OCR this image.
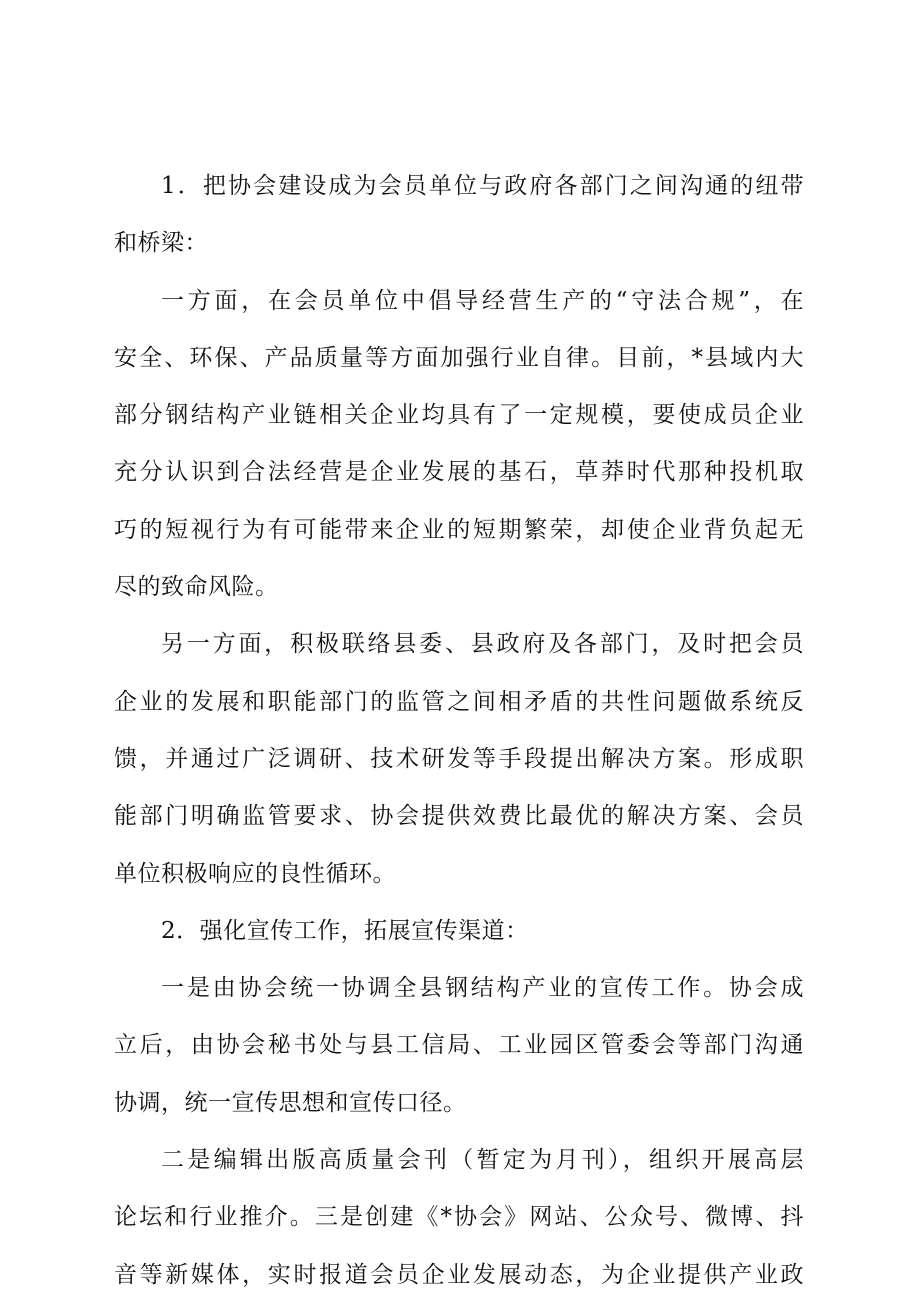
1．把协会建设成为会员单位与政府各部门之间沟通的纽带
和桥梁：
一方面，在会员单位中倡导经营生产的“守法合规”，在
安全、环保、产品质量等方面加强行业自律。目前，*县域内大
部分钢结构产业链相关企业均具有了一定规模，要使成员企业
充分认识到合法经营是企业发展的基石，草莽时代那种投机取
巧的短视行为有可能带来企业的短期繁荣，却使企业背负起无
尽的致命风险。
另一方面，积极联络县委、县政府及各部门，及时把会员
企业的发展和职能部门的监管之间相矛盾的共性问题做系统反
馈，并通过广泛调研、技术研发等手段提出解决方案。形成职
能部门明确监管要求、协会提供效费比最优的解决方案、会员
单位积极响应的良性循环。
2．强化宣传工作，拓展宣传渠道：
一是由协会统一协调全县钢结构产业的宣传工作。协会成
立后，由协会秘书处与县工信局、工业园区管委会等部门沟通
协调，统一宣传思想和宣传口径。
二是编辑出版高质量会刊（暂定为月刊），组织开展高层
论坛和行业推介。三是创建《*协会》网站、公众号、微博、抖
音等新媒体，实时报道会员企业发展动态，为企业提供产业政
